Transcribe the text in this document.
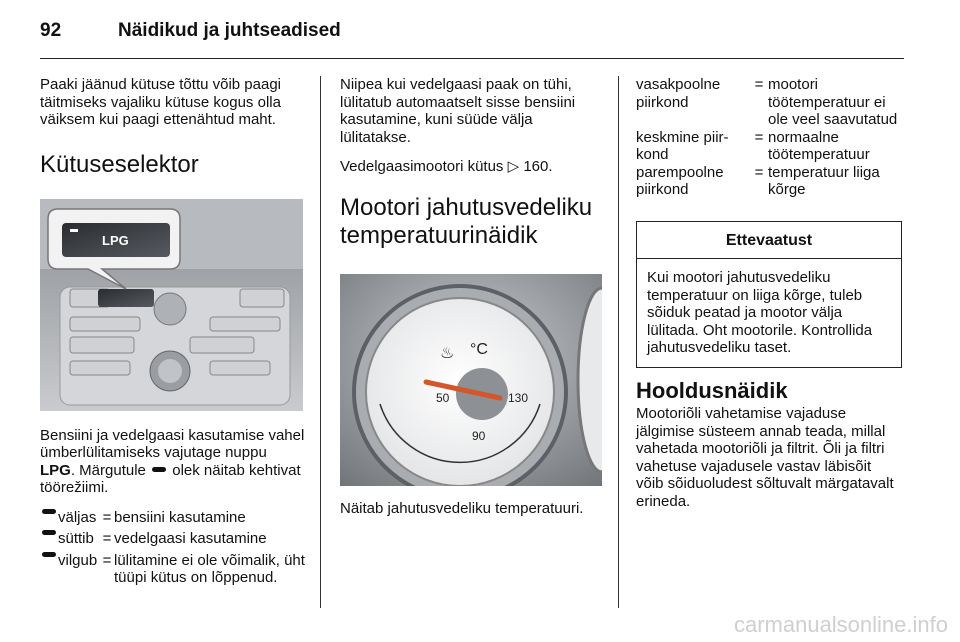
92	Näidikud ja juhtseadised

Paaki jäänud kütuse tõttu võib paagi täitmiseks vajaliku kütuse kogus olla väiksem kui paagi ettenähtud maht.

Kütuseselektor
LPG

Bensiini ja vedelgaasi kasutamise vahel ümberlülitamiseks vajutage nuppu LPG. Märgutule  olek näitab kehtivat töörežiimi.

väljas = bensiini kasutamine
süttib = vedelgaasi kasutamine
vilgub = lülitamine ei ole võimalik, üht tüüpi kütus on lõppenud.

Niipea kui vedelgaasi paak on tühi, lülitatub automaatselt sisse bensiini kasutamine, kuni süüde välja lülitatakse.

Vedelgaasimootori kütus ▷ 160.

Mootori jahutusvedeliku temperatuurinäidik
°C
♨
50
90
130

Näitab jahutusvedeliku temperatuuri.

vasakpoolne piirkond
= mootori töötemperatuur ei ole veel saavutatud
keskmine piirkond
= normaalne töötemperatuur
parempoolne piirkond
= temperatuur liiga kõrge
Ettevaatust
Kui mootori jahutusvedeliku temperatuur on liiga kõrge, tuleb sõiduk peatad ja mootor välja lülitada. Oht mootorile. Kontrollida jahutusvedeliku taset.
Hooldusnäidik

Mootoriõli vahetamise vajaduse jälgimise süsteem annab teada, millal vahetada mootoriõli ja filtrit. Õli ja filtri vahetuse vajadusele vastav läbisõit võib sõiduoludest sõltuvalt märgatavalt erineda.

carmanualsonline.info
